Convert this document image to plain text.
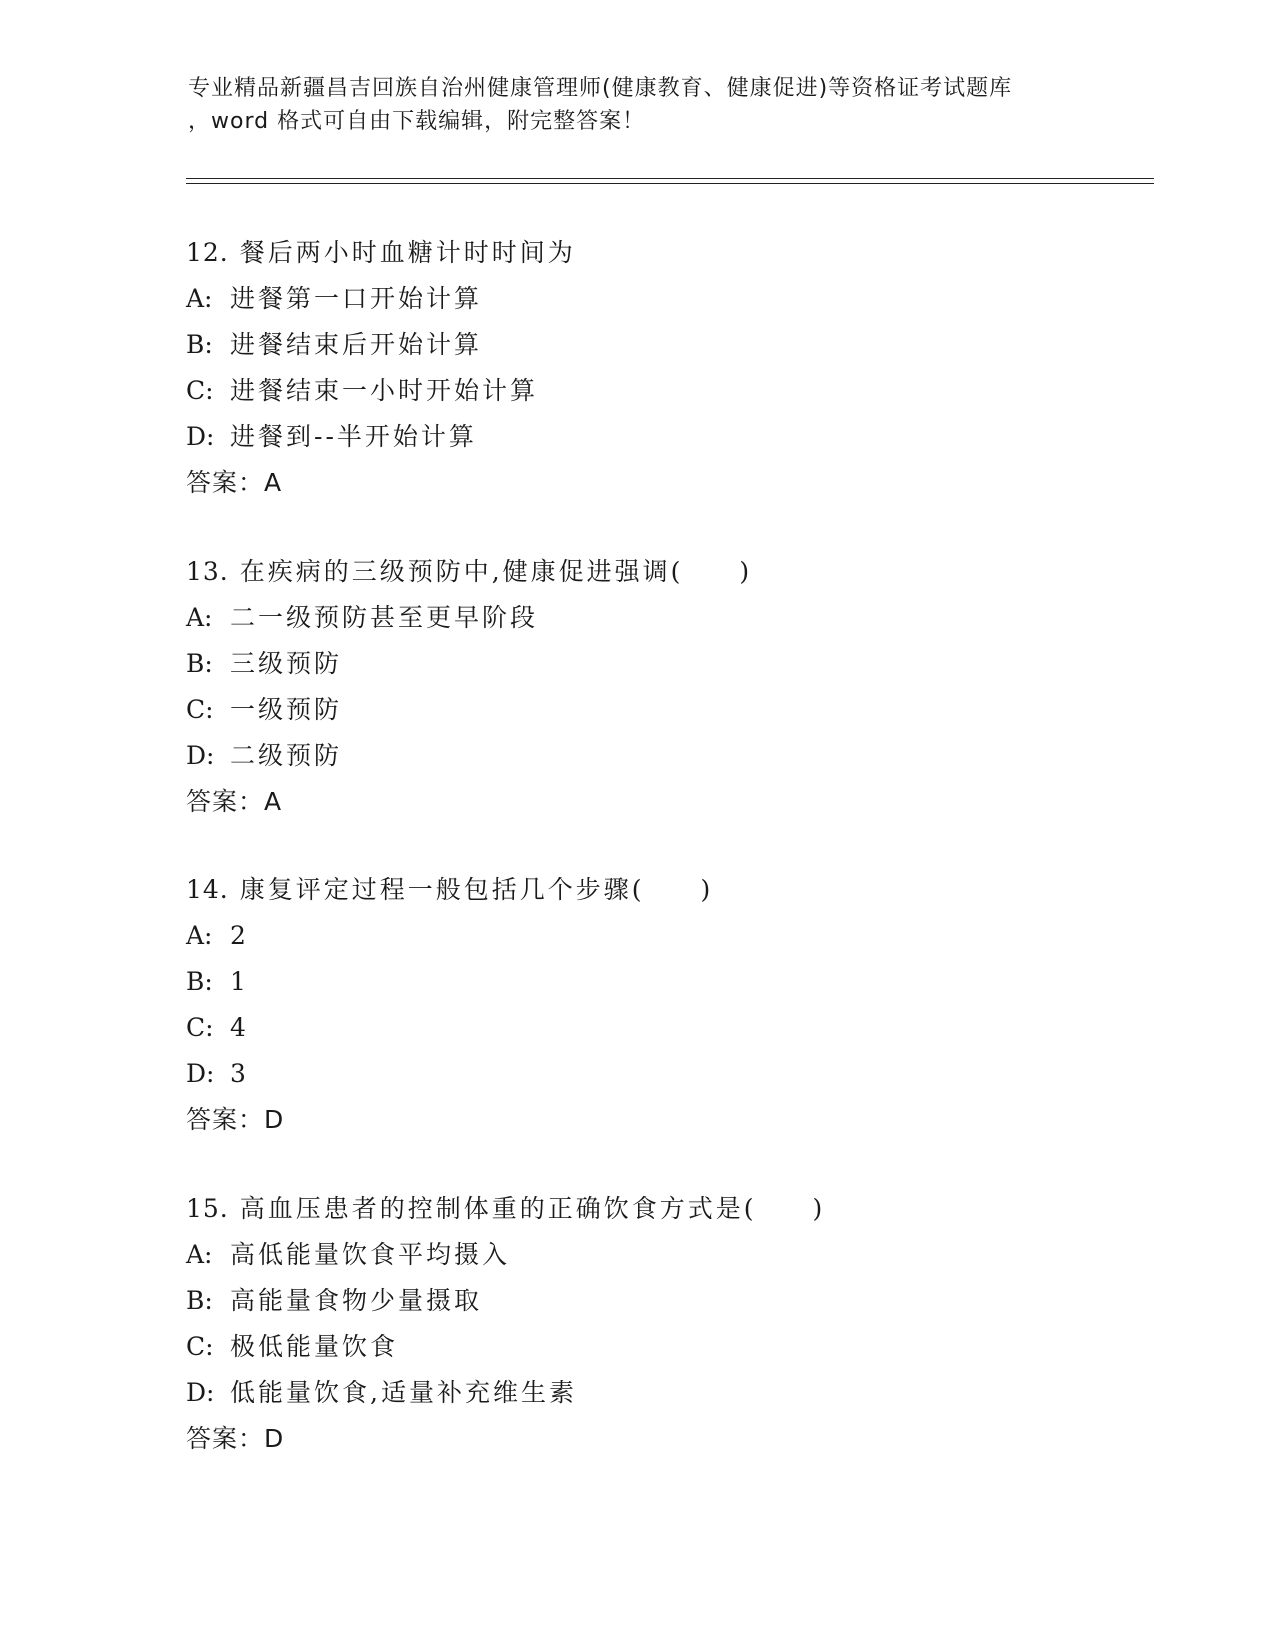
专业精品新疆昌吉回族自治州健康管理师(健康教育、健康促进)等资格证考试题库
，word 格式可自由下载编辑，附完整答案！
12. 餐后两小时血糖计时时间为
A: 进餐第一口开始计算
B: 进餐结束后开始计算
C: 进餐结束一小时开始计算
D: 进餐到--半开始计算
答案：A
13. 在疾病的三级预防中,健康促进强调(　　)
A: 二一级预防甚至更早阶段
B: 三级预防
C: 一级预防
D: 二级预防
答案：A
14. 康复评定过程一般包括几个步骤(　　)
A: 2
B: 1
C: 4
D: 3
答案：D
15. 高血压患者的控制体重的正确饮食方式是(　　)
A: 高低能量饮食平均摄入
B: 高能量食物少量摄取
C: 极低能量饮食
D: 低能量饮食,适量补充维生素
答案：D
